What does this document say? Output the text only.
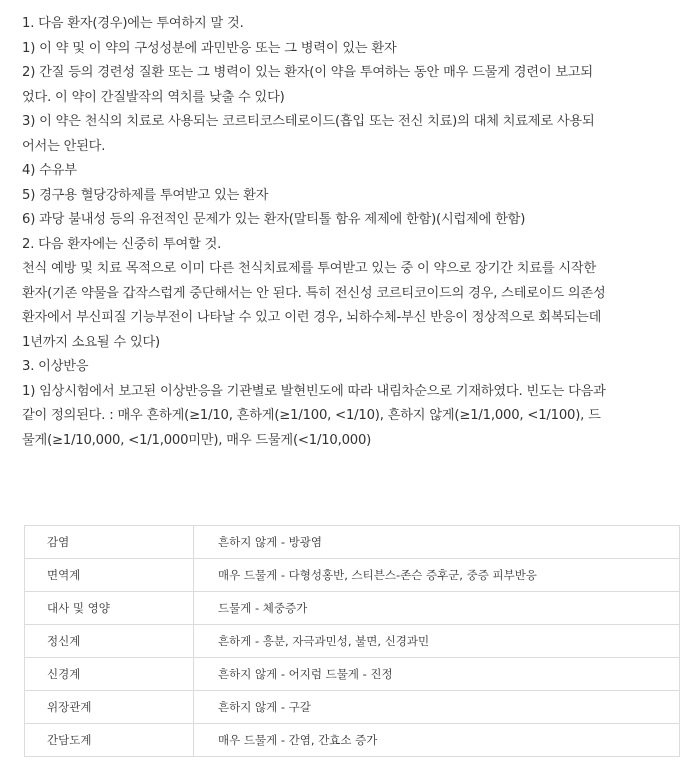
1. 다음 환자(경우)에는 투여하지 말 것.

1) 이 약 및 이 약의 구성성분에 과민반응 또는 그 병력이 있는 환자

2) 간질 등의 경련성 질환 또는 그 병력이 있는 환자(이 약을 투여하는 동안 매우 드물게 경련이 보고되

었다. 이 약이 간질발작의 역치를 낮출 수 있다)

3) 이 약은 천식의 치료로 사용되는 코르티코스테로이드(흡입 또는 전신 치료)의 대체 치료제로 사용되

어서는 안된다.

4) 수유부

5) 경구용 혈당강하제를 투여받고 있는 환자

6) 과당 불내성 등의 유전적인 문제가 있는 환자(말티톨 함유 제제에 한함)(시럽제에 한함)

2. 다음 환자에는 신중히 투여할 것.

천식 예방 및 치료 목적으로 이미 다른 천식치료제를 투여받고 있는 중 이 약으로 장기간 치료를 시작한

환자(기존 약물을 갑작스럽게 중단해서는 안 된다. 특히 전신성 코르티코이드의 경우, 스테로이드 의존성

환자에서 부신피질 기능부전이 나타날 수 있고 이런 경우, 뇌하수체-부신 반응이 정상적으로 회복되는데

1년까지 소요될 수 있다)

3. 이상반응

1) 임상시험에서 보고된 이상반응을 기관별로 발현빈도에 따라 내림차순으로 기재하였다. 빈도는 다음과

같이 정의된다. : 매우 흔하게(≥1/10, 흔하게(≥1/100, <1/10), 흔하지 않게(≥1/1,000, <1/100), 드

물게(≥1/10,000, <1/1,000미만), 매우 드물게(<1/10,000)

감염	흔하지 않게 - 방광염
면역계	매우 드물게 - 다형성홍반, 스티븐스-존슨 증후군, 중증 피부반응
대사 및 영양	드물게 - 체중증가
정신계	흔하게 - 흥분, 자극과민성, 불면, 신경과민
신경계	흔하지 않게 - 어지럼 드물게 - 진정
위장관계	흔하지 않게 - 구갈
간담도계	매우 드물게 - 간염, 간효소 증가
